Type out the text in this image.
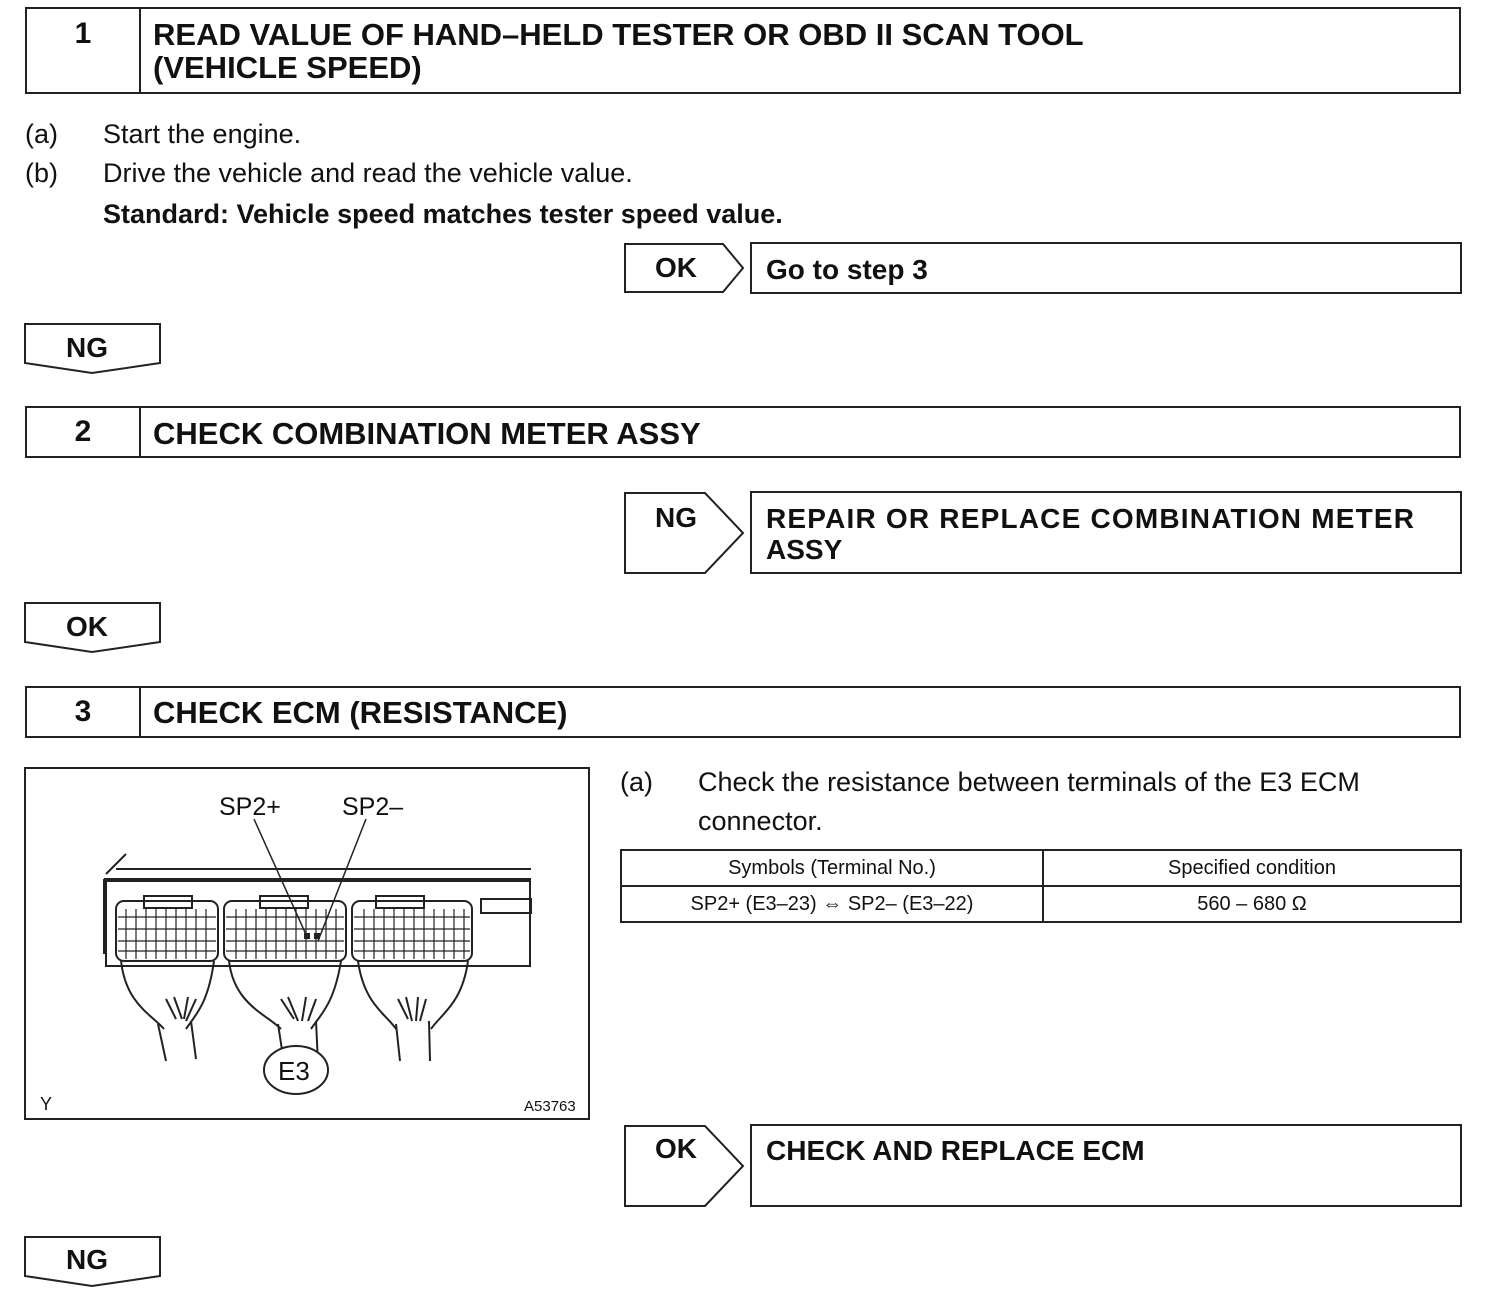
1	READ VALUE OF HAND–HELD TESTER OR OBD II SCAN TOOL
(VEHICLE SPEED)
(a) Start the engine.
(b) Drive the vehicle and read the vehicle value.
Standard: Vehicle speed matches tester speed value.
OK Go to step 3
NG
2	CHECK COMBINATION METER ASSY
NG REPAIR OR REPLACE COMBINATION METER
ASSY
OK
3	CHECK ECM (RESISTANCE)
SP2+ SP2–
E3
Y	A53763
(a) Check the resistance between terminals of the E3 ECM
connector.
Symbols (Terminal No.)	Specified condition
SP2+ (E3–23) ⇔ SP2– (E3–22)	560 – 680 Ω
OK CHECK AND REPLACE ECM
NG
